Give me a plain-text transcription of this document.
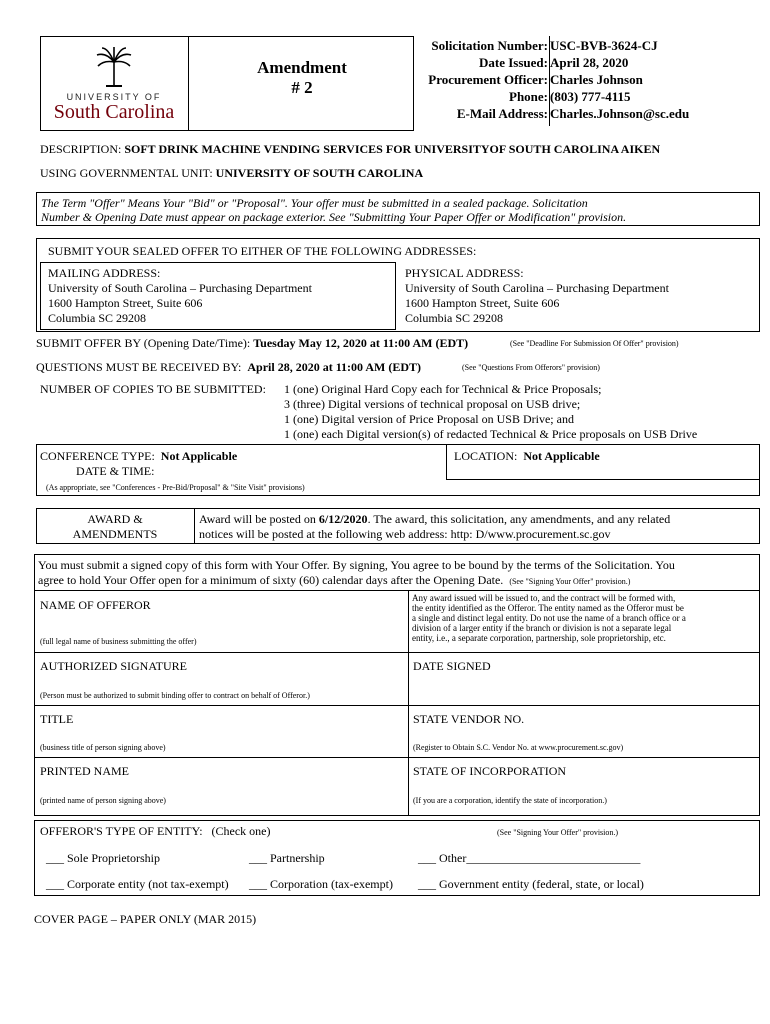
UNIVERSITY OF
South Carolina
Amendment
# 2
Solicitation Number: USC-BVB-3624-CJ
Date Issued: April 28, 2020
Procurement Officer: Charles Johnson
Phone: (803) 777-4115
E-Mail Address: Charles.Johnson@sc.edu
DESCRIPTION: SOFT DRINK MACHINE VENDING SERVICES FOR UNIVERSITYOF SOUTH CAROLINA AIKEN
USING GOVERNMENTAL UNIT: UNIVERSITY OF SOUTH CAROLINA
The Term "Offer" Means Your "Bid" or "Proposal". Your offer must be submitted in a sealed package. Solicitation
Number & Opening Date must appear on package exterior. See "Submitting Your Paper Offer or Modification" provision.
SUBMIT YOUR SEALED OFFER TO EITHER OF THE FOLLOWING ADDRESSES:
MAILING ADDRESS:
University of South Carolina – Purchasing Department
1600 Hampton Street, Suite 606
Columbia SC 29208
PHYSICAL ADDRESS:
University of South Carolina – Purchasing Department
1600 Hampton Street, Suite 606
Columbia SC 29208
SUBMIT OFFER BY (Opening Date/Time): Tuesday May 12, 2020 at 11:00 AM (EDT)	(See "Deadline For Submission Of Offer" provision)
QUESTIONS MUST BE RECEIVED BY: April 28, 2020 at 11:00 AM (EDT)	(See "Questions From Offerors" provision)
NUMBER OF COPIES TO BE SUBMITTED: 1 (one) Original Hard Copy each for Technical & Price Proposals;
3 (three) Digital versions of technical proposal on USB drive;
1 (one) Digital version of Price Proposal on USB Drive; and
1 (one) each Digital version(s) of redacted Technical & Price proposals on USB Drive
CONFERENCE TYPE: Not Applicable
DATE & TIME:
LOCATION: Not Applicable
(As appropriate, see "Conferences - Pre-Bid/Proposal" & "Site Visit" provisions)
AWARD &
AMENDMENTS
Award will be posted on 6/12/2020. The award, this solicitation, any amendments, and any related
notices will be posted at the following web address: http: D/www.procurement.sc.gov
You must submit a signed copy of this form with Your Offer. By signing, You agree to be bound by the terms of the Solicitation. You
agree to hold Your Offer open for a minimum of sixty (60) calendar days after the Opening Date. (See "Signing Your Offer" provision.)
NAME OF OFFEROR
(full legal name of business submitting the offer)
Any award issued will be issued to, and the contract will be formed with,
the entity identified as the Offeror. The entity named as the Offeror must be
a single and distinct legal entity. Do not use the name of a branch office or a
division of a larger entity if the branch or division is not a separate legal
entity, i.e., a separate corporation, partnership, sole proprietorship, etc.
AUTHORIZED SIGNATURE
(Person must be authorized to submit binding offer to contract on behalf of Offeror.)
DATE SIGNED
TITLE
(business title of person signing above)
STATE VENDOR NO.
(Register to Obtain S.C. Vendor No. at www.procurement.sc.gov)
PRINTED NAME
(printed name of person signing above)
STATE OF INCORPORATION
(If you are a corporation, identify the state of incorporation.)
OFFEROR'S TYPE OF ENTITY: (Check one)	(See "Signing Your Offer" provision.)
___ Sole Proprietorship	___ Partnership	___ Other_____________________________
___ Corporate entity (not tax-exempt) ___ Corporation (tax-exempt) ___ Government entity (federal, state, or local)
COVER PAGE – PAPER ONLY (MAR 2015)
